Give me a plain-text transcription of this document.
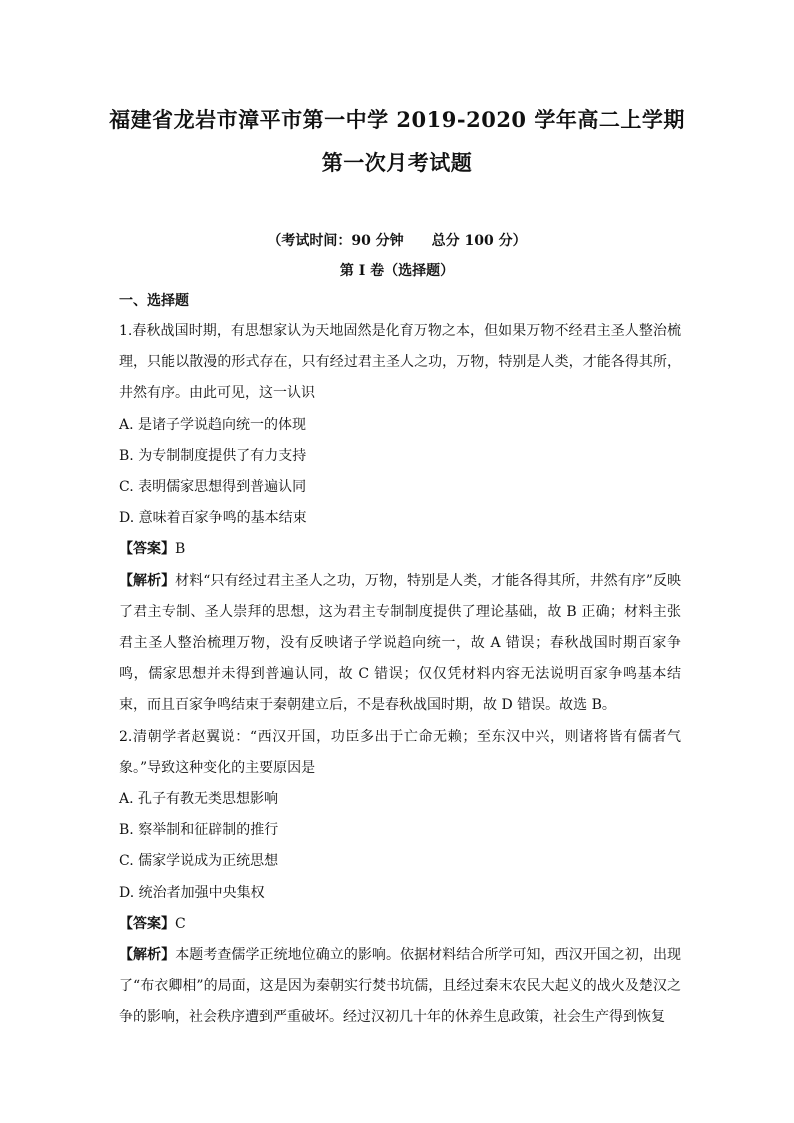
福建省龙岩市漳平市第一中学 2019-2020 学年高二上学期
第一次月考试题
（考试时间：90 分钟　　总分 100 分）
第 I 卷（选择题）
一、选择题

1.春秋战国时期，有思想家认为天地固然是化育万物之本，但如果万物不经君主圣人整治梳理，只能以散漫的形式存在，只有经过君主圣人之功，万物，特别是人类，才能各得其所，井然有序。由此可见，这一认识

A. 是诸子学说趋向统一的体现

B. 为专制制度提供了有力支持

C. 表明儒家思想得到普遍认同

D. 意味着百家争鸣的基本结束

【答案】B

【解析】材料“只有经过君主圣人之功，万物，特别是人类，才能各得其所，井然有序”反映了君主专制、圣人崇拜的思想，这为君主专制制度提供了理论基础，故 B 正确；材料主张君主圣人整治梳理万物，没有反映诸子学说趋向统一，故 A 错误；春秋战国时期百家争鸣，儒家思想并未得到普遍认同，故 C 错误；仅仅凭材料内容无法说明百家争鸣基本结束，而且百家争鸣结束于秦朝建立后，不是春秋战国时期，故 D 错误。故选 B。

2.清朝学者赵翼说：“西汉开国，功臣多出于亡命无赖；至东汉中兴，则诸将皆有儒者气象。”导致这种变化的主要原因是

A. 孔子有教无类思想影响

B. 察举制和征辟制的推行

C. 儒家学说成为正统思想

D. 统治者加强中央集权

【答案】C

【解析】本题考查儒学正统地位确立的影响。依据材料结合所学可知，西汉开国之初，出现了“布衣卿相”的局面，这是因为秦朝实行焚书坑儒，且经过秦末农民大起义的战火及楚汉之争的影响，社会秩序遭到严重破坏。经过汉初几十年的休养生息政策，社会生产得到恢复
